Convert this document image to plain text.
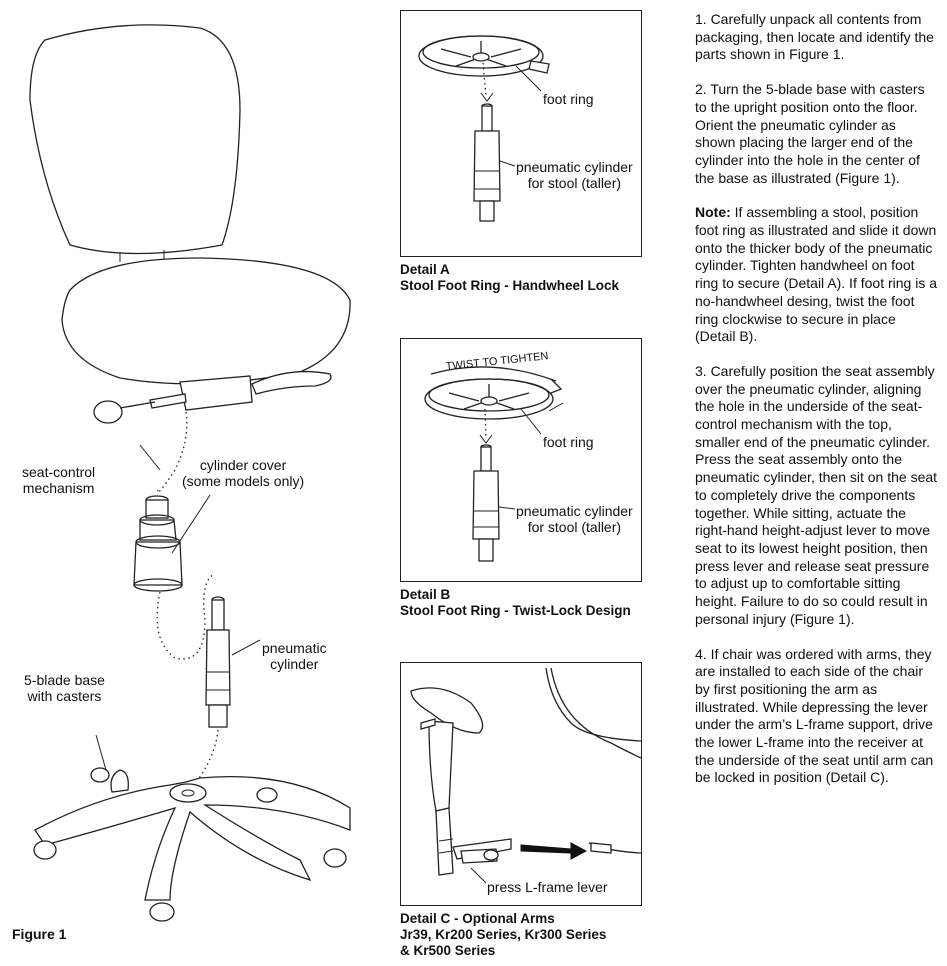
seat-control
mechanism
cylinder cover
(some models only)
pneumatic
cylinder
5-blade base
with casters
Figure 1
foot ring
pneumatic cylinder
for stool (taller)
Detail A
Stool Foot Ring - Handwheel Lock
TWIST TO TIGHTEN
foot ring
pneumatic cylinder
for stool (taller)
Detail B
Stool Foot Ring - Twist-Lock Design
press L-frame lever
Detail C - Optional Arms
Jr39, Kr200 Series, Kr300 Series
& Kr500 Series

1. Carefully unpack all contents from packaging, then locate and identify the parts shown in Figure 1.

2. Turn the 5-blade base with casters to the upright position onto the floor. Orient the pneumatic cylinder as shown placing the larger end of the cylinder into the hole in the center of the base as illustrated (Figure 1).

Note: If assembling a stool, position foot ring as illustrated and slide it down onto the thicker body of the pneumatic cylinder. Tighten handwheel on foot ring to secure (Detail A). If foot ring is a no-handwheel desing, twist the foot ring clockwise to secure in place (Detail B).

3. Carefully position the seat assembly over the pneumatic cylinder, aligning the hole in the underside of the seat-control mechanism with the top, smaller end of the pneumatic cylinder. Press the seat assembly onto the pneumatic cylinder, then sit on the seat to completely drive the components together. While sitting, actuate the right-hand height-adjust lever to move seat to its lowest height position, then press lever and release seat pressure to adjust up to comfortable sitting height. Failure to do so could result in personal injury (Figure 1).

4. If chair was ordered with arms, they are installed to each side of the chair by first positioning the arm as illustrated. While depressing the lever under the arm’s L-frame support, drive the lower L-frame into the receiver at the underside of the seat until arm can be locked in position (Detail C).
